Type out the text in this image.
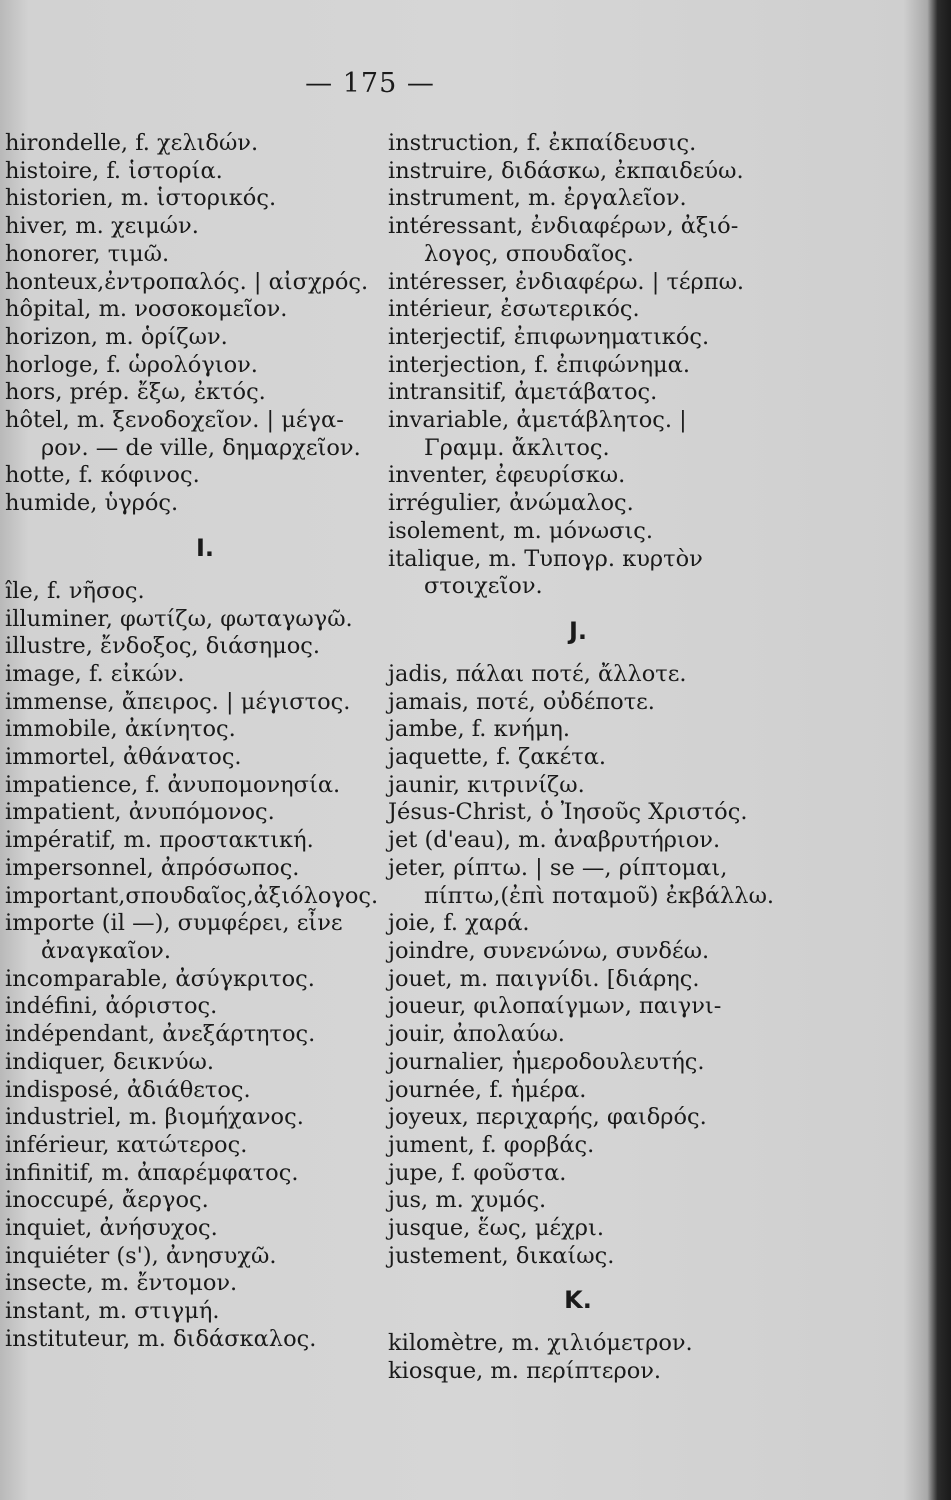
— 175 —
hirondelle, f. χελιδών.
histoire, f. ἱστορία.
historien, m. ἱστορικός.
hiver, m. χειμών.
honorer, τιμῶ.
honteux,ἐντροπαλός. | αἰσχρός.
hôpital, m. νοσοκομεῖον.
horizon, m. ὁρίζων.
horloge, f. ὡρολόγιον.
hors, prép. ἔξω, ἐκτός.
hôtel, m. ξενοδοχεῖον. | μέγα-
ρον. — de ville, δημαρχεῖον.
hotte, f. κόφινος.
humide, ὑγρός.
I.
île, f. νῆσος.
illuminer, φωτίζω, φωταγωγῶ.
illustre, ἔνδοξος, διάσημος.
image, f. εἰκών.
immense, ἄπειρος. | μέγιστος.
immobile, ἀκίνητος.
immortel, ἀθάνατος.
impatience, f. ἀνυπομονησία.
impatient, ἀνυπόμονος.
impératif, m. προστακτική.
impersonnel, ἀπρόσωπος.
important,σπουδαῖος,ἀξιόλογος.
importe (il —), συμφέρει, εἶνε
ἀναγκαῖον.
incomparable, ἀσύγκριτος.
indéfini, ἀόριστος.
indépendant, ἀνεξάρτητος.
indiquer, δεικνύω.
indisposé, ἀδιάθετος.
industriel, m. βιομήχανος.
inférieur, κατώτερος.
infinitif, m. ἀπαρέμφατος.
inoccupé, ἄεργος.
inquiet, ἀνήσυχος.
inquiéter (s'), ἀνησυχῶ.
insecte, m. ἔντομον.
instant, m. στιγμή.
instituteur, m. διδάσκαλος.
instruction, f. ἐκπαίδευσις.
instruire, διδάσκω, ἐκπαιδεύω.
instrument, m. ἐργαλεῖον.
intéressant, ἐνδιαφέρων, ἀξιό-
λογος, σπουδαῖος.
intéresser, ἐνδιαφέρω. | τέρπω.
intérieur, ἐσωτερικός.
interjectif, ἐπιφωνηματικός.
interjection, f. ἐπιφώνημα.
intransitif, ἀμετάβατος.
invariable, ἀμετάβλητος. |
Γραμμ. ἄκλιτος.
inventer, ἐφευρίσκω.
irrégulier, ἀνώμαλος.
isolement, m. μόνωσις.
italique, m. Τυπογρ. κυρτὸν
στοιχεῖον.
J.
jadis, πάλαι ποτέ, ἄλλοτε.
jamais, ποτέ, οὐδέποτε.
jambe, f. κνήμη.
jaquette, f. ζακέτα.
jaunir, κιτρινίζω.
Jésus-Christ, ὁ Ἰησοῦς Χριστός.
jet (d'eau), m. ἀναβρυτήριον.
jeter, ρίπτω. | se —, ρίπτομαι,
πίπτω,(ἐπὶ ποταμοῦ) ἐκβάλλω.
joie, f. χαρά.
joindre, συνενώνω, συνδέω.
jouet, m. παιγνίδι. [διάρης.
joueur, φιλοπαίγμων, παιγνι-
jouir, ἀπολαύω.
journalier, ἡμεροδουλευτής.
journée, f. ἡμέρα.
joyeux, περιχαρής, φαιδρός.
jument, f. φορβάς.
jupe, f. φοῦστα.
jus, m. χυμός.
jusque, ἕως, μέχρι.
justement, δικαίως.
K.
kilomètre, m. χιλιόμετρον.
kiosque, m. περίπτερον.
